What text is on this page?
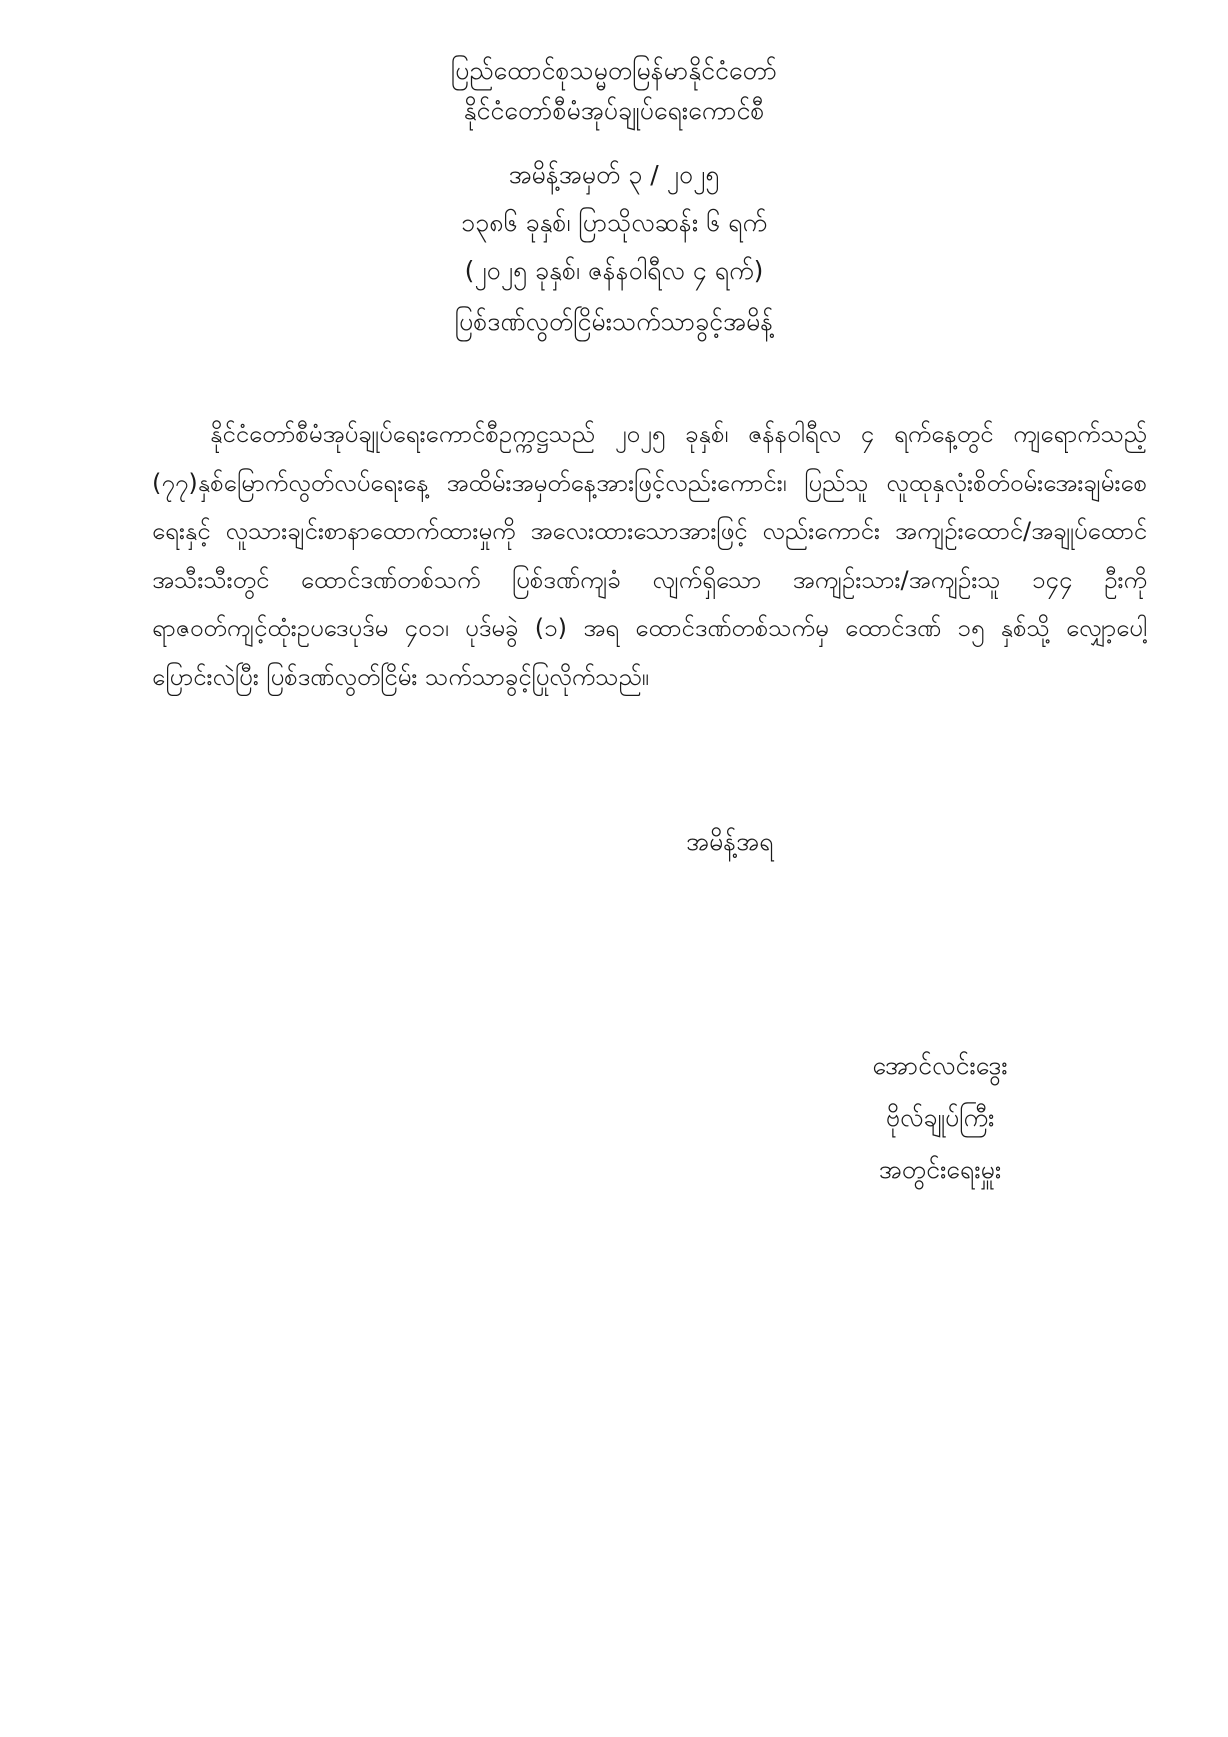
ပြည်ထောင်စုသမ္မတမြန်မာနိုင်ငံတော်
နိုင်ငံတော်စီမံအုပ်ချုပ်ရေးကောင်စီ
အမိန့်အမှတ် ၃ / ၂၀၂၅
၁၃၈၆ ခုနှစ်၊ ပြာသိုလဆန်း ၆ ရက်
(၂၀၂၅ ခုနှစ်၊ ဇန်နဝါရီလ ၄ ရက်)
ပြစ်ဒဏ်လွတ်ငြိမ်းသက်သာခွင့်အမိန့်

နိုင်ငံတော်စီမံအုပ်ချုပ်ရေးကောင်စီဥက္ကဋ္ဌသည် ၂၀၂၅ ခုနှစ်၊ ဇန်နဝါရီလ ၄ ရက်နေ့တွင် ကျရောက်သည့် (၇၇)နှစ်မြောက်လွတ်လပ်ရေးနေ့ အထိမ်းအမှတ်နေ့အားဖြင့်လည်းကောင်း၊ ပြည်သူ လူထုနှလုံးစိတ်ဝမ်းအေးချမ်းစေရေးနှင့် လူသားချင်းစာနာထောက်ထားမှုကို အလေးထားသောအားဖြင့် လည်းကောင်း အကျဉ်းထောင်/အချုပ်ထောင်အသီးသီးတွင် ထောင်ဒဏ်တစ်သက် ပြစ်ဒဏ်ကျခံ လျက်ရှိသော အကျဉ်းသား/အကျဉ်းသူ ၁၄၄ ဦးကို ရာဇဝတ်ကျင့်ထုံးဥပဒေပုဒ်မ ၄၀၁၊ ပုဒ်မခွဲ (၁) အရ ထောင်ဒဏ်တစ်သက်မှ ထောင်ဒဏ် ၁၅ နှစ်သို့ လျှော့ပေါ့ပြောင်းလဲပြီး ပြစ်ဒဏ်လွတ်ငြိမ်း သက်သာခွင့်ပြုလိုက်သည်။

အမိန့်အရ
အောင်လင်းဒွေး
ဗိုလ်ချုပ်ကြီး
အတွင်းရေးမှူး
